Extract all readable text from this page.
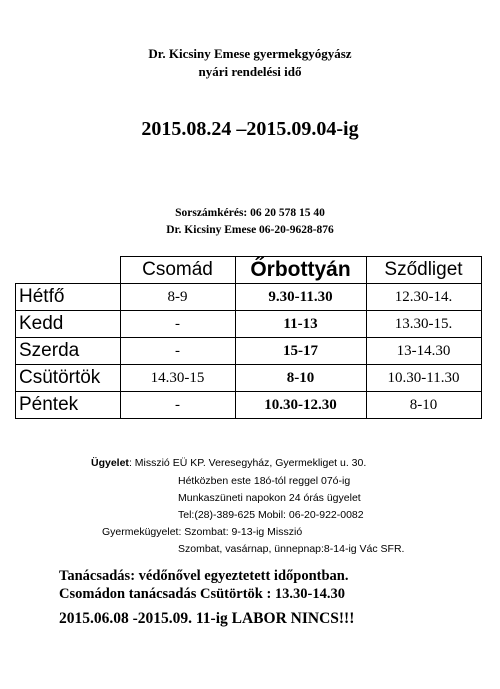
Dr. Kicsiny Emese gyermekgyógyász
nyári rendelési idő
2015.08.24 –2015.09.04-ig
Sorszámkérés: 06 20 578 15 40
Dr. Kicsiny Emese 06-20-9628-876
	Csomád	Őrbottyán	Sződliget
Hétfő	8-9	9.30-11.30	12.30-14.
Kedd	-	11-13	13.30-15.
Szerda	-	15-17	13-14.30
Csütörtök	14.30-15	8-10	10.30-11.30
Péntek	-	10.30-12.30	8-10
Ügyelet: Misszió EÜ KP. Veresegyház, Gyermekliget u. 30.
Hétközben este 18ó-tól reggel 07ó-ig
Munkaszüneti napokon 24 órás ügyelet
Tel:(28)-389-625 Mobil: 06-20-922-0082
Gyermekügyelet: Szombat: 9-13-ig Misszió
Szombat, vasárnap, ünnepnap:8-14-ig Vác SFR.
Tanácsadás: védőnővel egyeztetett időpontban.
Csomádon tanácsadás Csütörtök : 13.30-14.30
2015.06.08 -2015.09. 11-ig LABOR NINCS!!!
